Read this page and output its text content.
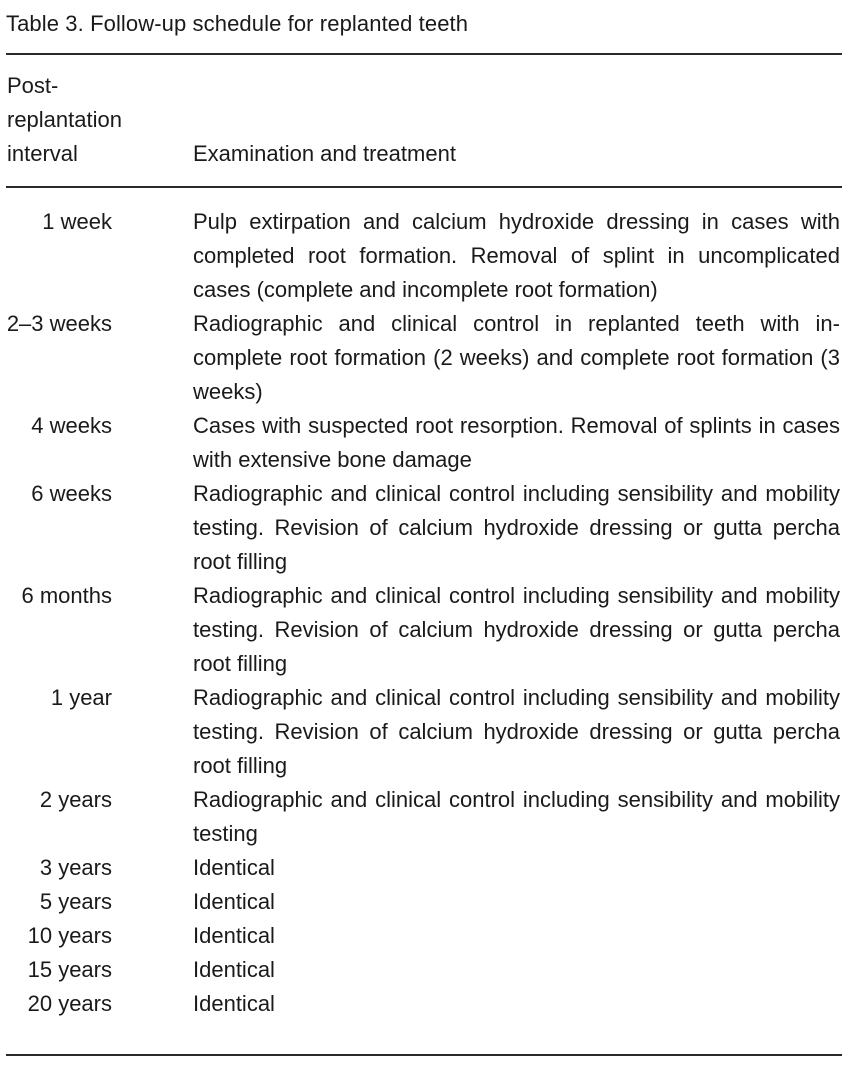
Table 3. Follow-up schedule for replanted teeth
Post-
replantation
interval	Examination and treatment
1 week	Pulp extirpation and calcium hydroxide dressing in cases with completed root formation. Removal of splint in uncomplicated cases (complete and incomplete root formation)
2–3 weeks	Radiographic and clinical control in replanted teeth with incomplete root formation (2 weeks) and complete root formation (3 weeks)
4 weeks	Cases with suspected root resorption. Removal of splints in cases with extensive bone damage
6 weeks	Radiographic and clinical control including sensibility and mobility testing. Revision of calcium hydroxide dressing or gutta percha root filling
6 months	Radiographic and clinical control including sensibility and mobility testing. Revision of calcium hydroxide dressing or gutta percha root filling
1 year	Radiographic and clinical control including sensibility and mobility testing. Revision of calcium hydroxide dressing or gutta percha root filling
2 years	Radiographic and clinical control including sensibility and mobility testing
3 years	Identical
5 years	Identical
10 years	Identical
15 years	Identical
20 years	Identical
